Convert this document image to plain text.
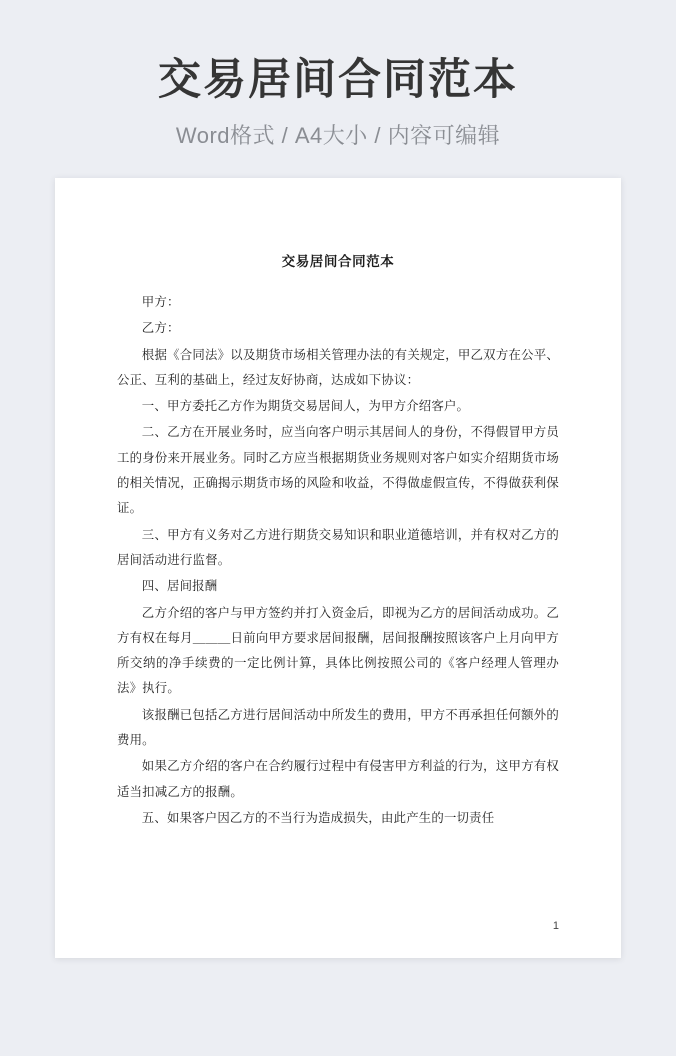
交易居间合同范本
Word格式 / A4大小 / 内容可编辑
交易居间合同范本

甲方：

乙方：

根据《合同法》以及期货市场相关管理办法的有关规定，甲乙双方在公平、公正、互利的基础上，经过友好协商，达成如下协议：

一、甲方委托乙方作为期货交易居间人，为甲方介绍客户。

二、乙方在开展业务时，应当向客户明示其居间人的身份，不得假冒甲方员工的身份来开展业务。同时乙方应当根据期货业务规则对客户如实介绍期货市场的相关情况，正确揭示期货市场的风险和收益，不得做虚假宣传，不得做获利保证。

三、甲方有义务对乙方进行期货交易知识和职业道德培训，并有权对乙方的居间活动进行监督。

四、居间报酬

乙方介绍的客户与甲方签约并打入资金后，即视为乙方的居间活动成功。乙方有权在每月＿＿＿日前向甲方要求居间报酬，居间报酬按照该客户上月向甲方所交纳的净手续费的一定比例计算，具体比例按照公司的《客户经理人管理办法》执行。

该报酬已包括乙方进行居间活动中所发生的费用，甲方不再承担任何额外的费用。

如果乙方介绍的客户在合约履行过程中有侵害甲方利益的行为，这甲方有权适当扣减乙方的报酬。

五、如果客户因乙方的不当行为造成损失，由此产生的一切责任

1
